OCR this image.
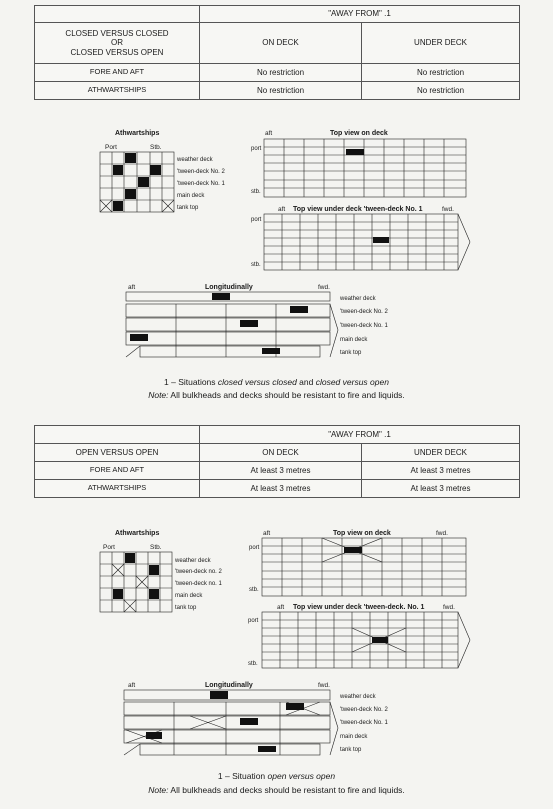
	"AWAY FROM" .1	

CLOSED VERSUS CLOSED
OR
CLOSED VERSUS OPEN	ON DECK	UNDER DECK
FORE AND AFT	No restriction	No restriction
ATHWARTSHIPS	No restriction	No restriction
Athwartships
Port	Stb.
weather deck
'tween-deck No. 2
'tween-deck No. 1
main deck
tank top
aft	Top view on deck
port
stb.
aft Top view under deck 'tween-deck No. 1	fwd.
port
stb.
aft	Longitudinally	fwd.
weather deck
'tween-deck No. 2
'tween-deck No. 1
main deck
tank top
1 – Situations closed versus closed and closed versus open
Note: All bulkheads and decks should be resistant to fire and liquids.
	"AWAY FROM" .1	
OPEN VERSUS OPEN	ON DECK	UNDER DECK
FORE AND AFT	At least 3 metres	At least 3 metres
ATHWARTSHIPS	At least 3 metres	At least 3 metres
Athwartships
Port	Stb.
weather deck
'tween-deck no. 2
'tween-deck no. 1
main deck
tank top
aft	Top view on deck	fwd.
port
stb.
aft Top view under deck 'tween-deck. No. 1	fwd.
port
stb.
aft	Longitudinally	fwd.
weather deck
'tween-deck No. 2
'tween-deck No. 1
main deck
tank top
1 – Situation open versus open
Note: All bulkheads and decks should be resistant to fire and liquids.
